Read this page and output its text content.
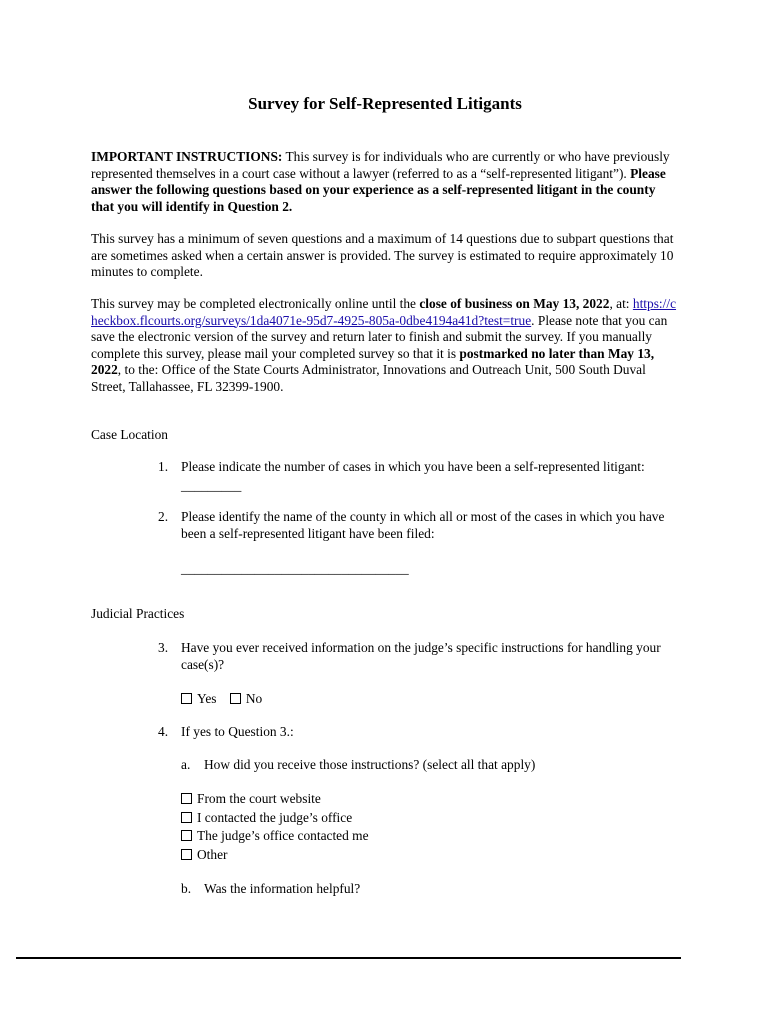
Survey for Self-Represented Litigants

IMPORTANT INSTRUCTIONS: This survey is for individuals who are currently or who have previously represented themselves in a court case without a lawyer (referred to as a “self-represented litigant”). Please answer the following questions based on your experience as a self-represented litigant in the county that you will identify in Question 2.

This survey has a minimum of seven questions and a maximum of 14 questions due to subpart questions that are sometimes asked when a certain answer is provided. The survey is estimated to require approximately 10 minutes to complete.

This survey may be completed electronically online until the close of business on May 13, 2022, at: https://checkbox.flcourts.org/surveys/1da4071e-95d7-4925-805a-0dbe4194a41d?test=true. Please note that you can save the electronic version of the survey and return later to finish and submit the survey. If you manually complete this survey, please mail your completed survey so that it is postmarked no later than May 13, 2022, to the: Office of the State Courts Administrator, Innovations and Outreach Unit, 500 South Duval Street, Tallahassee, FL 32399-1900.

Case Location
1. Please indicate the number of cases in which you have been a self-represented litigant:
_________
2. Please identify the name of the county in which all or most of the cases in which you have been a self-represented litigant have been filed:
__________________________________
Judicial Practices
3. Have you ever received information on the judge’s specific instructions for handling your case(s)?
Yes No
4. If yes to Question 3.:
a. How did you receive those instructions? (select all that apply)
From the court website
I contacted the judge’s office
The judge’s office contacted me
Other
b. Was the information helpful?
